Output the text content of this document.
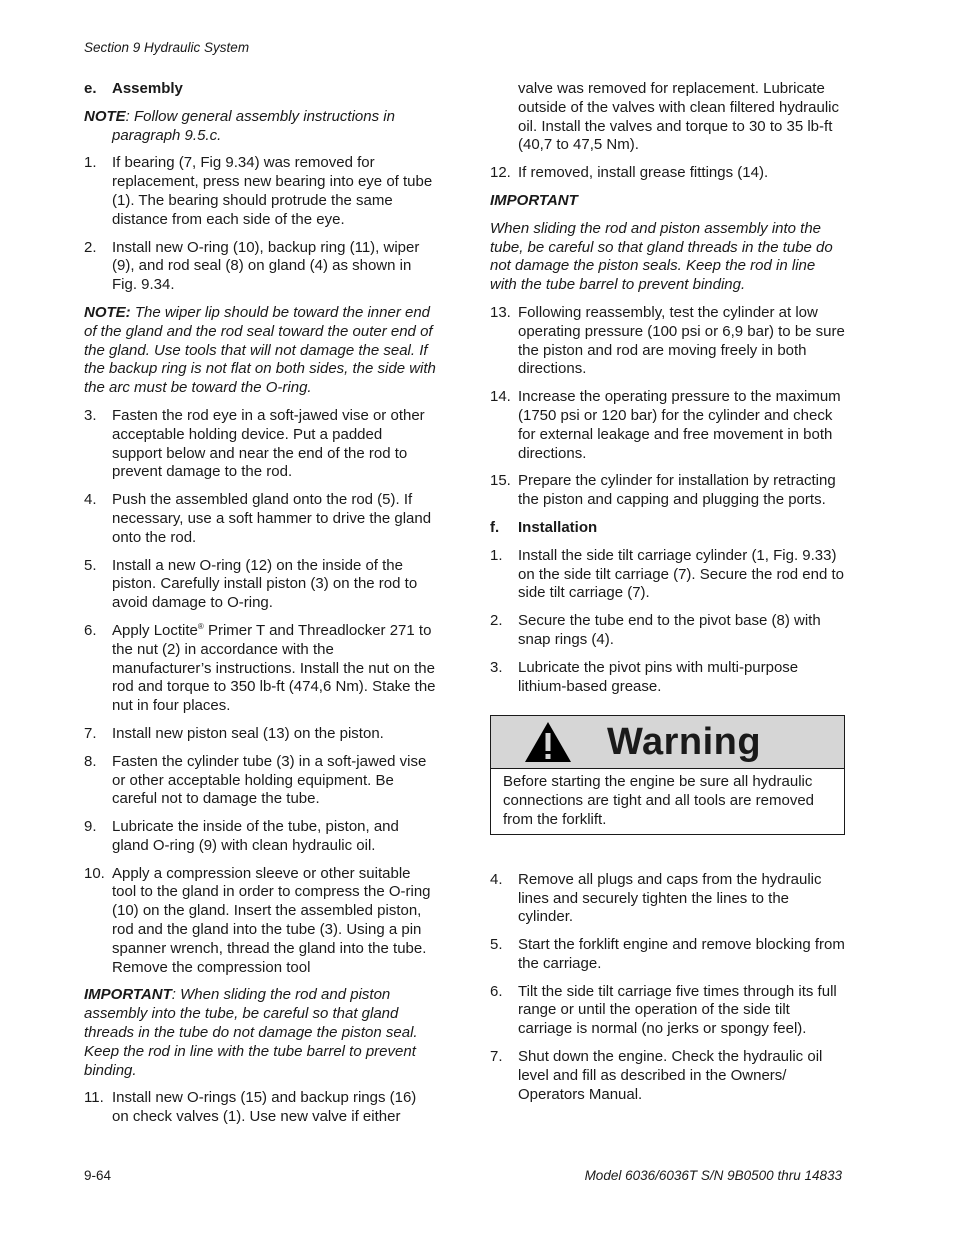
Section 9 Hydraulic System
e.	Assembly
NOTE: Follow general assembly instructions in paragraph 9.5.c.
1.	If bearing (7, Fig 9.34) was removed for replacement, press new bearing into eye of tube (1). The bearing should protrude the same distance from each side of the eye.
2.	Install new O-ring (10), backup ring (11), wiper (9), and rod seal (8) on gland (4) as shown in Fig. 9.34.
NOTE: The wiper lip should be toward the inner end of the gland and the rod seal toward the outer end of the gland. Use tools that will not damage the seal. If the backup ring is not flat on both sides, the side with the arc must be toward the O-ring.
3.	Fasten the rod eye in a soft-jawed vise or other acceptable holding device. Put a padded support below and near the end of the rod to prevent damage to the rod.
4.	Push the assembled gland onto the rod (5). If necessary, use a soft hammer to drive the gland onto the rod.
5.	Install a new O-ring (12) on the inside of the piston. Carefully install piston (3) on the rod to avoid damage to O-ring.
6.	Apply Loctite® Primer T and Threadlocker 271 to the nut (2) in accordance with the manufacturer’s instructions. Install the nut on the rod and torque to 350 lb-ft (474,6 Nm). Stake the nut in four places.
7.	Install new piston seal (13) on the piston.
8.	Fasten the cylinder tube (3) in a soft-jawed vise or other acceptable holding equipment. Be careful not to damage the tube.
9.	Lubricate the inside of the tube, piston, and gland O-ring (9) with clean hydraulic oil.
10. Apply a compression sleeve or other suitable tool to the gland in order to compress the O-ring (10) on the gland. Insert the assembled piston, rod and the gland into the tube (3). Using a pin spanner wrench, thread the gland into the tube. Remove the compression tool
IMPORTANT: When sliding the rod and piston assembly into the tube, be careful so that gland threads in the tube do not damage the piston seal. Keep the rod in line with the tube barrel to prevent binding.
11. Install new O-rings (15) and backup rings (16) on check valves (1). Use new valve if either
valve was removed for replacement. Lubricate outside of the valves with clean filtered hydraulic oil. Install the valves and torque to 30 to 35 lb-ft (40,7 to 47,5 Nm).
12. If removed, install grease fittings (14).
IMPORTANT
When sliding the rod and piston assembly into the tube, be careful so that gland threads in the tube do not damage the piston seals. Keep the rod in line with the tube barrel to prevent binding.
13. Following reassembly, test the cylinder at low operating pressure (100 psi or 6,9 bar) to be sure the piston and rod are moving freely in both directions.
14. Increase the operating pressure to the maximum (1750 psi or 120 bar) for the cylinder and check for external leakage and free movement in both directions.
15. Prepare the cylinder for installation by retracting the piston and capping and plugging the ports.
f.	Installation
1.	Install the side tilt carriage cylinder (1, Fig. 9.33) on the side tilt carriage (7). Secure the rod end to side tilt carriage (7).
2.	Secure the tube end to the pivot base (8) with snap rings (4).
3.	Lubricate the pivot pins with multi-purpose lithium-based grease.
Warning
Before starting the engine be sure all hydraulic connections are tight and all tools are removed from the forklift.
4.	Remove all plugs and caps from the hydraulic lines and securely tighten the lines to the cylinder.
5.	Start the forklift engine and remove blocking from the carriage.
6.	Tilt the side tilt carriage five times through its full range or until the operation of the side tilt carriage is normal (no jerks or spongy feel).
7.	Shut down the engine. Check the hydraulic oil level and fill as described in the Owners/ Operators Manual.
9-64	Model 6036/6036T S/N 9B0500 thru 14833
